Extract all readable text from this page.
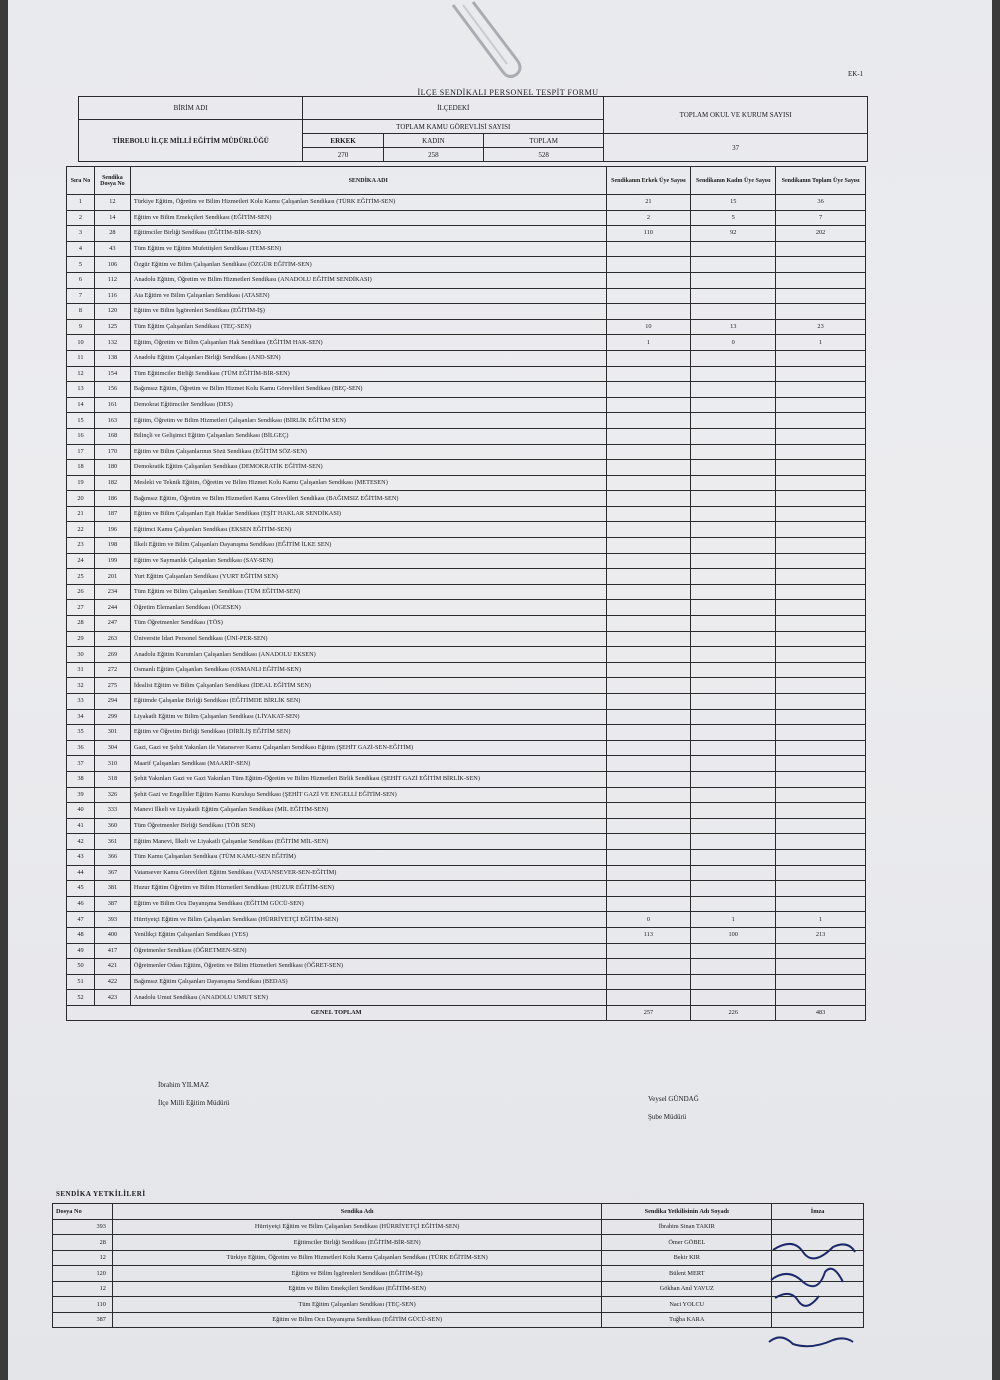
EK-1
İLÇE SENDİKALI PERSONEL TESPİT FORMU
BİRİM ADI	İLÇEDEKİ			TOPLAM OKUL VE KURUM SAYISI
TİREBOLU İLÇE MİLLİ EĞİTİM MÜDÜRLÜĞÜ	TOPLAM KAMU GÖREVLİSİ SAYISI			
	ERKEK	KADIN	TOPLAM	37
	270	258	528	
Sıra No	Sendika Dosya No	SENDİKA ADI	Sendikanın Erkek Üye Sayısı	Sendikanın Kadın Üye Sayısı	Sendikanın Toplam Üye Sayısı
1	12	Türkiye Eğitim, Öğretim ve Bilim Hizmetleri Kolu Kamu Çalışanları Sendikası (TÜRK EĞİTİM-SEN)	21	15	36
2	14	Eğitim ve Bilim Emekçileri Sendikası (EĞİTİM-SEN)	2	5	7
3	28	Eğitimciler Birliği Sendikası (EĞİTİM-BİR-SEN)	110	92	202
4	43	Tüm Eğitim ve Eğitim Mufettişleri Sendikası (TEM-SEN)			
5	106	Özgür Eğitim ve Bilim Çalışanları Sendikası (ÖZGÜR EĞİTİM-SEN)			
6	112	Anadolu Eğitim, Öğretim ve Bilim Hizmetleri Sendikası (ANADOLU EĞİTİM SENDİKASI)			
7	116	Ata Eğitim ve Bilim Çalışanları Sendikası (ATASEN)			
8	120	Eğitim ve Bilim İşgörenleri Sendikası (EĞİTİM-İŞ)			
9	125	Tüm Eğitim Çalışanları Sendikası (TEÇ-SEN)	10	13	23
10	132	Eğitim, Öğretim ve Bilim Çalışanları Hak Sendikası (EĞİTİM HAK-SEN)	1	0	1
11	138	Anadolu Eğitim Çalışanları Birliği Sendikası (AND-SEN)			
12	154	Tüm Eğitimciler Birliği Sendikası (TÜM EĞİTİM-BİR-SEN)			
13	156	Bağımsız Eğitim, Öğretim ve Bilim Hizmet Kolu Kamu Görevlileri Sendikası (BEÇ-SEN)			
14	161	Demokrat Eğitimciler Sendikası (DES)			
15	163	Eğitim, Öğretim ve Bilim Hizmetleri Çalışanları Sendikası (BİRLİK EĞİTİM SEN)			
16	168	Bilinçli ve Gelişimci Eğitim Çalışanları Sendikası (BİLGEÇ)			
17	170	Eğitim ve Bilim Çalışanlarının Sözü Sendikası (EĞİTİM SÖZ-SEN)			
18	180	Demokratik Eğitim Çalışanları Sendikası (DEMOKRATİK EĞİTİM-SEN)			
19	182	Mesleki ve Teknik Eğitim, Öğretim ve Bilim Hizmet Kolu Kamu Çalışanları Sendikası (METESEN)			
20	186	Bağımsız Eğitim, Öğretim ve Bilim Hizmetleri Kamu Görevlileri Sendikası (BAĞIMSIZ EĞİTİM-SEN)			
21	187	Eğitim ve Bilim Çalışanları Eşit Haklar Sendikası (EŞİT HAKLAR SENDİKASI)			
22	196	Eğitimci Kamu Çalışanları Sendikası (EKSEN EĞİTİM-SEN)			
23	198	İlkeli Eğitim ve Bilim Çalışanları Dayanışma Sendikası (EĞİTİM İLKE SEN)			
24	199	Eğitim ve Saymanlık Çalışanları Sendikası (SAY-SEN)			
25	201	Yurt Eğitim Çalışanları Sendikası (YURT EĞİTİM SEN)			
26	234	Tüm Eğitim ve Bilim Çalışanları Sendikası (TÜM EĞİTİM-SEN)			
27	244	Öğretim Elemanları Sendikası (ÖGESEN)			
28	247	Tüm Öğretmenler Sendikası (TÖS)			
29	263	Üniversite İdari Personel Sendikası (ÜNİ-PER-SEN)			
30	269	Anadolu Eğitim Kurumları Çalışanları Sendikası (ANADOLU EKSEN)			
31	272	Osmanlı Eğitim Çalışanları Sendikası (OSMANLI EĞİTİM-SEN)			
32	275	İdealist Eğitim ve Bilim Çalışanları Sendikası (İDEAL EĞİTİM SEN)			
33	294	Eğitimde Çalışanlar Birliği Sendikası (EĞİTİMDE BİRLİK SEN)			
34	299	Liyakatli Eğitim ve Bilim Çalışanları Sendikası (LİYAKAT-SEN)			
35	301	Eğitim ve Öğretim Birliği Sendikası (DİRİLİŞ EĞİTİM SEN)			
36	304	Gazi, Gazi ve Şehit Yakınları ile Vatansever Kamu Çalışanları Sendikası Eğitim (ŞEHİT GAZİ-SEN-EĞİTİM)			
37	310	Maarif Çalışanları Sendikası (MAARİF-SEN)			
38	318	Şehit Yakınları Gazi ve Gazi Yakınları Tüm Eğitim-Öğretim ve Bilim Hizmetleri Birlik Sendikası (ŞEHİT GAZİ EĞİTİM BİRLİK-SEN)			
39	326	Şehit Gazi ve Engelliler Eğitim Kamu Kuruluşu Sendikası (ŞEHİT GAZİ VE ENGELLİ EĞİTİM-SEN)			
40	333	Manevi İlkeli ve Liyakatli Eğitim Çalışanları Sendikası (MİL EĞİTİM-SEN)			
41	360	Tüm Öğretmenler Birliği Sendikası (TÖB SEN)			
42	361	Eğitim Manevi, İlkeli ve Liyakatli Çalışanlar Sendikası (EĞİTİM MİL-SEN)			
43	366	Tüm Kamu Çalışanları Sendikası (TÜM KAMU-SEN EĞİTİM)			
44	367	Vatansever Kamu Görevlileri Eğitim Sendikası (VATANSEVER-SEN-EĞİTİM)			
45	381	Huzur Eğitim Öğretim ve Bilim Hizmetleri Sendikası (HUZUR EĞİTİM-SEN)			
46	387	Eğitim ve Bilim Ocu Dayanışma Sendikası (EĞİTİM GÜCÜ-SEN)			
47	393	Hürriyetçi Eğitim ve Bilim Çalışanları Sendikası (HÜRRİYETÇİ EĞİTİM-SEN)	0	1	1
48	400	Yenilikçi Eğitim Çalışanları Sendikası (YES)	113	100	213
49	417	Öğretmenler Sendikası (ÖĞRETMEN-SEN)			
50	421	Öğretmenler Odası Eğitim, Öğretim ve Bilim Hizmetleri Sendikası (ÖĞRET-SEN)			
51	422	Bağımsız Eğitim Çalışanları Dayanışma Sendikası (BEDAS)			
52	423	Anadolu Umut Sendikası (ANADOLU UMUT SEN)			
GENEL TOPLAM			257	226	483
İbrahim YILMAZ
İlçe Milli Eğitim Müdürü	Veysel GÜNDAĞ
Şube Müdürü
SENDİKA YETKİLİLERİ
Dosya No	Sendika Adı	Sendika Yetkilisinin Adı Soyadı	İmza
393	Hürriyetçi Eğitim ve Bilim Çalışanları Sendikası (HÜRRİYETÇİ EĞİTİM-SEN)	İbrahim Sinan TAKIR	
28	Eğitimciler Birliği Sendikası (EĞİTİM-BİR-SEN)	Ömer GÖBEL	
12	Türkiye Eğitim, Öğretim ve Bilim Hizmetleri Kolu Kamu Çalışanları Sendikası (TÜRK EĞİTİM-SEN)	Bekir KIR	
120	Eğitim ve Bilim İşgörenleri Sendikası (EĞİTİM-İŞ)	Bülent MERT	
12	Eğitim ve Bilim Emekçileri Sendikası (EĞİTİM-SEN)	Gökhan Anıl YAVUZ	
110	Tüm Eğitim Çalışanları Sendikası (TEÇ-SEN)	Naci YOLCU	
387	Eğitim ve Bilim Ocu Dayanışma Sendikası (EĞİTİM GÜCÜ-SEN)	Tuğba KARA	
